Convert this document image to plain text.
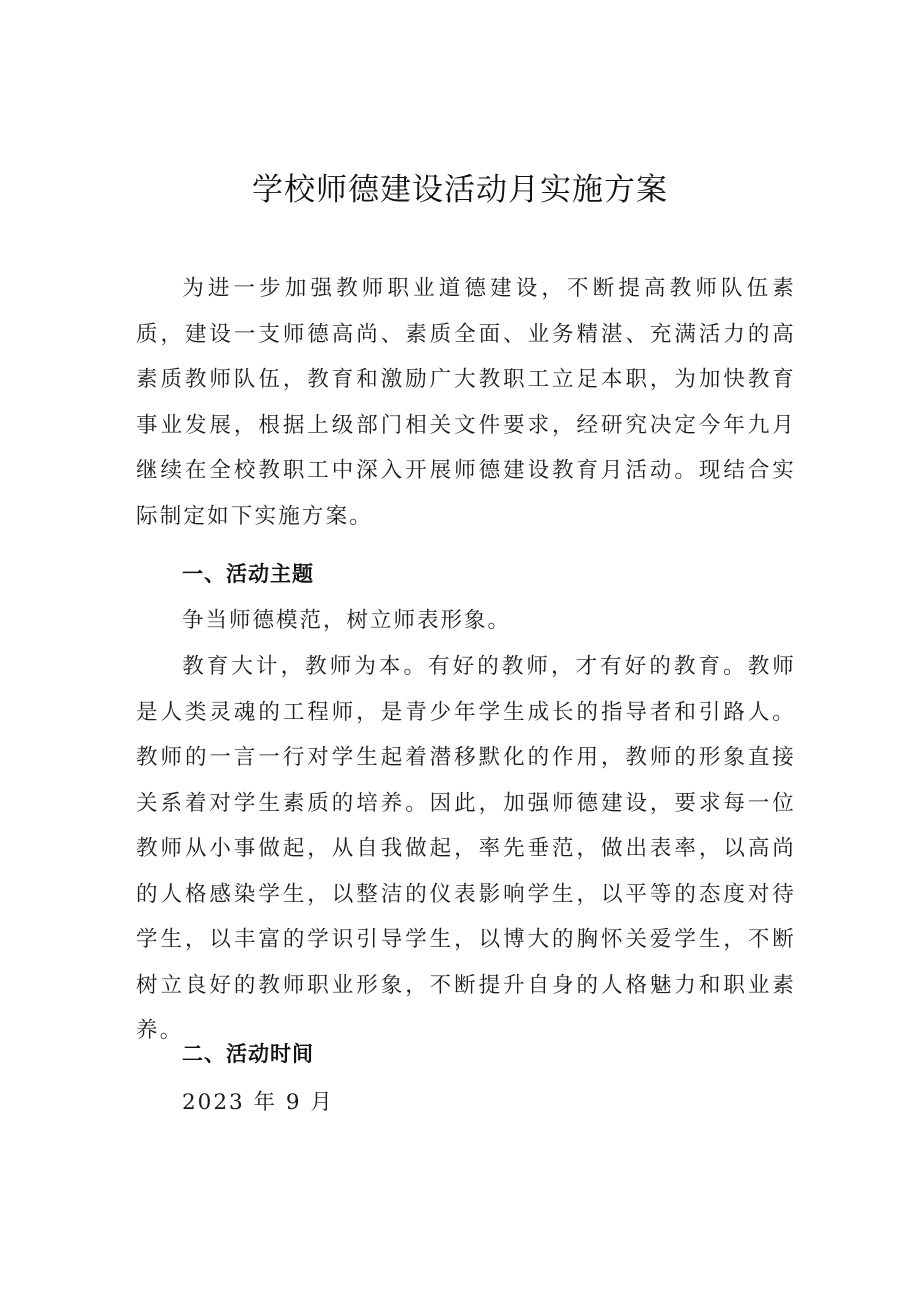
学校师德建设活动月实施方案

为进一步加强教师职业道德建设，不断提高教师队伍素质，建设一支师德高尚、素质全面、业务精湛、充满活力的高素质教师队伍，教育和激励广大教职工立足本职，为加快教育事业发展，根据上级部门相关文件要求，经研究决定今年九月继续在全校教职工中深入开展师德建设教育月活动。现结合实际制定如下实施方案。

一、活动主题

争当师德模范，树立师表形象。

教育大计，教师为本。有好的教师，才有好的教育。教师是人类灵魂的工程师，是青少年学生成长的指导者和引路人。教师的一言一行对学生起着潜移默化的作用，教师的形象直接关系着对学生素质的培养。因此，加强师德建设，要求每一位教师从小事做起，从自我做起，率先垂范，做出表率，以高尚的人格感染学生，以整洁的仪表影响学生，以平等的态度对待学生，以丰富的学识引导学生，以博大的胸怀关爱学生，不断树立良好的教师职业形象，不断提升自身的人格魅力和职业素养。

二、活动时间

2023 年 9 月
